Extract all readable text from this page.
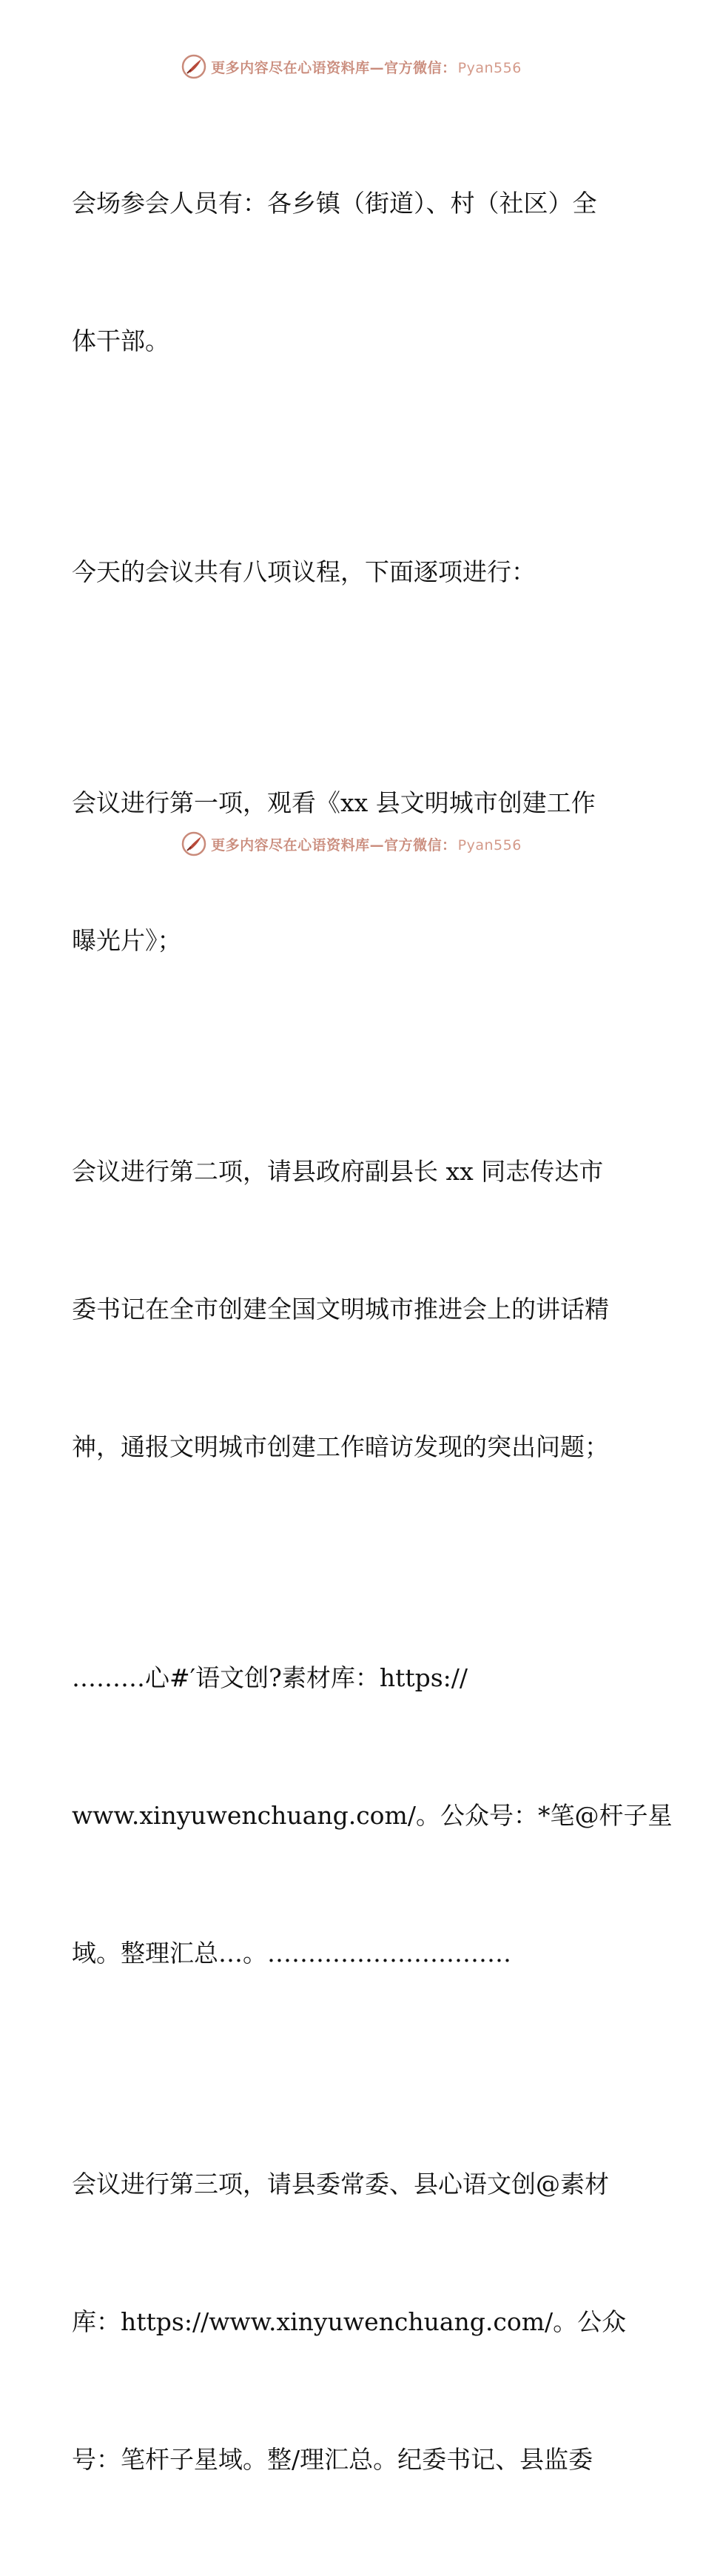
更多内容尽在心语资料库—官方微信： Pyan556

会场参会人员有：各乡镇（街道）、村（社区）全

体干部。

今天的会议共有八项议程，下面逐项进行：

会议进行第一项，观看《xx 县文明城市创建工作

曝光片》；

会议进行第二项，请县政府副县长 xx 同志传达市

委书记在全市创建全国文明城市推进会上的讲话精

神，通报文明城市创建工作暗访发现的突出问题；

………心#′语文创?素材库：https://

www.xinyuwenchuang.com/。公众号：*笔@杆子星

域。整理汇总…。…………………………

会议进行第三项，请县委常委、县心语文创@素材

库：https://www.xinyuwenchuang.com/。公众

号：笔杆子星域。整/理汇总。纪委书记、县监委

更多内容尽在心语资料库—官方微信： Pyan556
